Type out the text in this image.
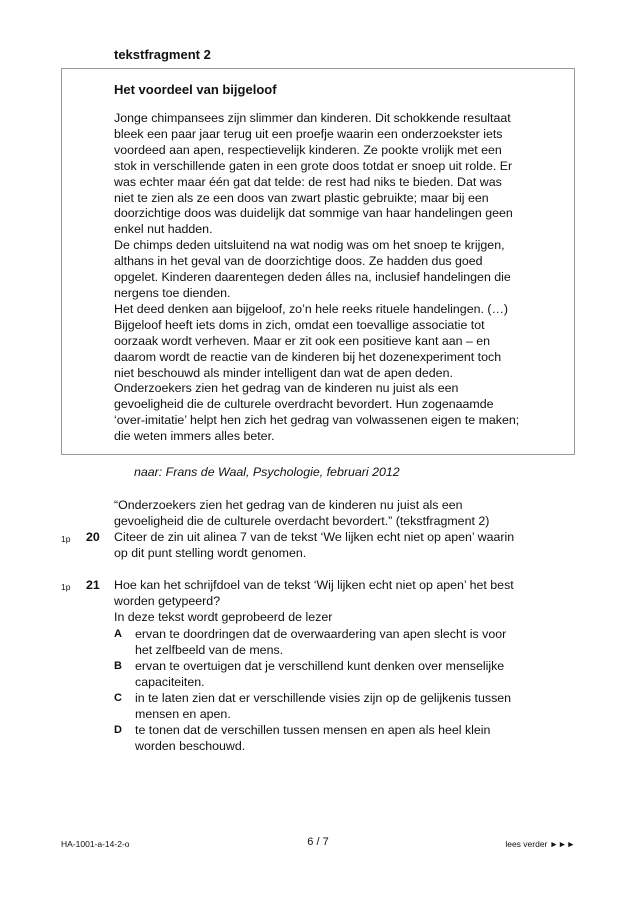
tekstfragment 2
Het voordeel van bijgeloof
Jonge chimpansees zijn slimmer dan kinderen. Dit schokkende resultaat
bleek een paar jaar terug uit een proefje waarin een onderzoekster iets
voordeed aan apen, respectievelijk kinderen. Ze pookte vrolijk met een
stok in verschillende gaten in een grote doos totdat er snoep uit rolde. Er
was echter maar één gat dat telde: de rest had niks te bieden. Dat was
niet te zien als ze een doos van zwart plastic gebruikte; maar bij een
doorzichtige doos was duidelijk dat sommige van haar handelingen geen
enkel nut hadden.
De chimps deden uitsluitend na wat nodig was om het snoep te krijgen,
althans in het geval van de doorzichtige doos. Ze hadden dus goed
opgelet. Kinderen daarentegen deden álles na, inclusief handelingen die
nergens toe dienden.
Het deed denken aan bijgeloof, zo’n hele reeks rituele handelingen. (…)
Bijgeloof heeft iets doms in zich, omdat een toevallige associatie tot
oorzaak wordt verheven. Maar er zit ook een positieve kant aan – en
daarom wordt de reactie van de kinderen bij het dozenexperiment toch
niet beschouwd als minder intelligent dan wat de apen deden.
Onderzoekers zien het gedrag van de kinderen nu juist als een
gevoeligheid die de culturele overdracht bevordert. Hun zogenaamde
‘over-imitatie’ helpt hen zich het gedrag van volwassenen eigen te maken;
die weten immers alles beter.
naar: Frans de Waal, Psychologie, februari 2012
“Onderzoekers zien het gedrag van de kinderen nu juist als een
gevoeligheid die de culturele overdacht bevordert.” (tekstfragment 2)
1p 20 Citeer de zin uit alinea 7 van de tekst ‘We lijken echt niet op apen’ waarin
op dit punt stelling wordt genomen.
1p 21 Hoe kan het schrijfdoel van de tekst ‘Wij lijken echt niet op apen’ het best
worden getypeerd?
In deze tekst wordt geprobeerd de lezer
A ervan te doordringen dat de overwaardering van apen slecht is voor
het zelfbeeld van de mens.
B ervan te overtuigen dat je verschillend kunt denken over menselijke
capaciteiten.
C in te laten zien dat er verschillende visies zijn op de gelijkenis tussen
mensen en apen.
D te tonen dat de verschillen tussen mensen en apen als heel klein
worden beschouwd.
HA-1001-a-14-2-o	6 / 7	lees verder ►►►
